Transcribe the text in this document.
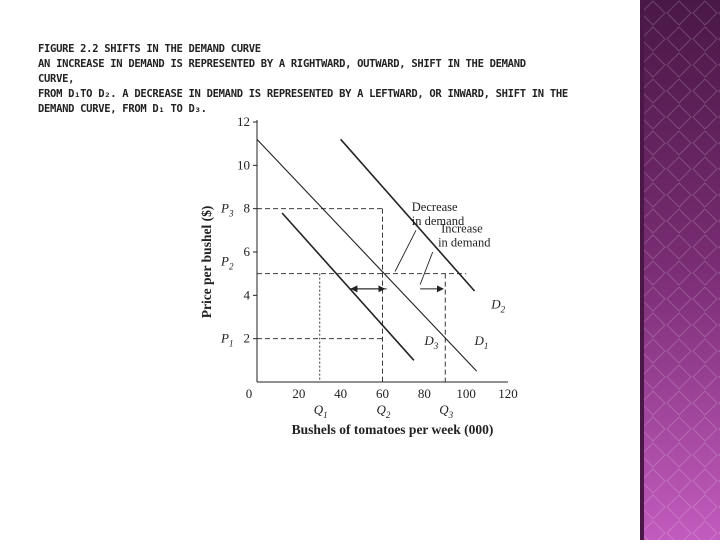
FIGURE 2.2 SHIFTS IN THE DEMAND CURVE
AN INCREASE IN DEMAND IS REPRESENTED BY A RIGHTWARD, OUTWARD, SHIFT IN THE DEMAND
CURVE,
FROM D₁TO D₂. A DECREASE IN DEMAND IS REPRESENTED BY A LEFTWARD, OR INWARD, SHIFT IN THE
DEMAND CURVE, FROM D₁ TO D₃.
0	20 40 60 80 100 120
2
4
6
8
10
12
Bushels of tomatoes per week (000)
Price per bushel ($)
$P_1$
$P_2$
$P_3$
$Q_1$	$Q_2$	$Q_3$
$D_1$
$D_2$
$D_3$
Decrease
in demand
Increase
in demand
